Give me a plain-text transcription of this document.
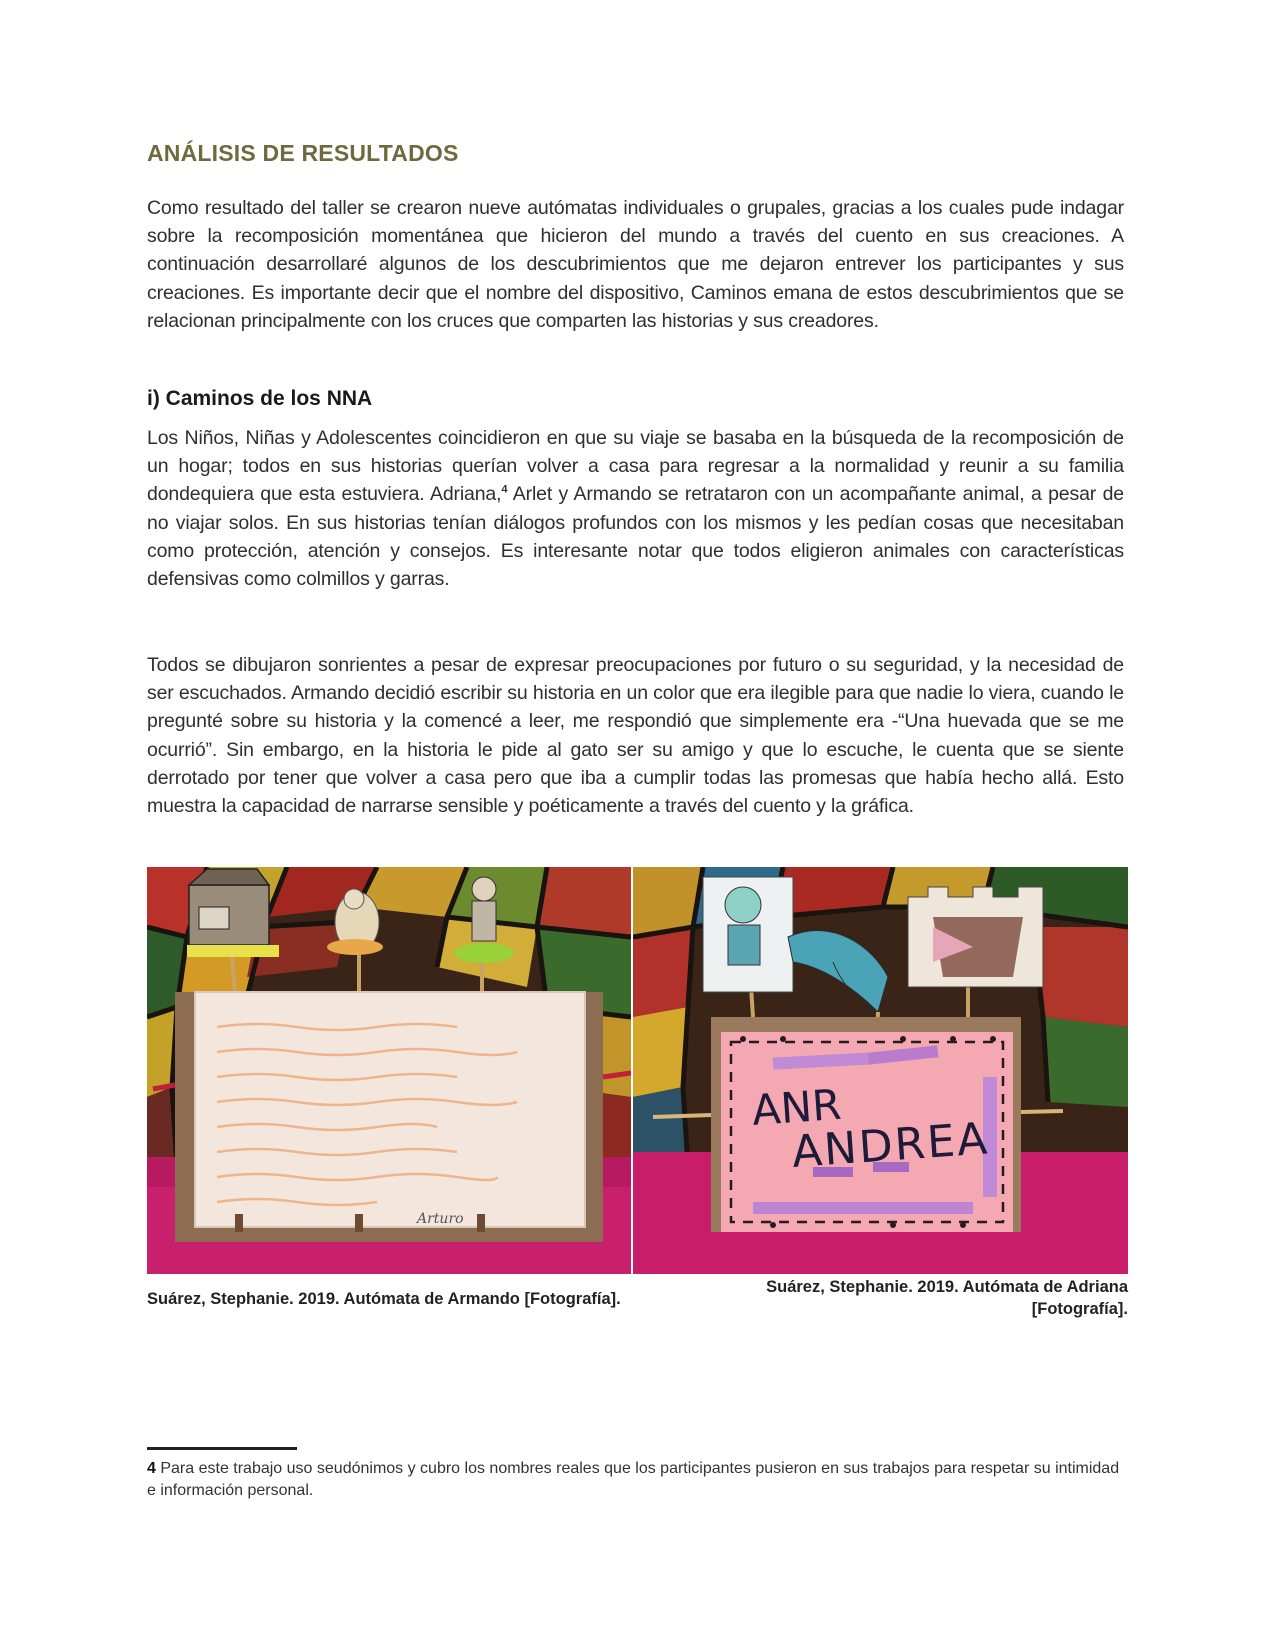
ANÁLISIS DE RESULTADOS

Como resultado del taller se crearon nueve autómatas individuales o grupales, gracias a los cuales pude indagar sobre la recomposición momentánea que hicieron del mundo a través del cuento en sus creaciones. A continuación desarrollaré algunos de los descubrimientos que me dejaron entrever los participantes y sus creaciones. Es importante decir que el nombre del dispositivo, Caminos emana de estos descubrimientos que se relacionan principalmente con los cruces que comparten las historias y sus creadores.

i) Caminos de los NNA

Los Niños, Niñas y Adolescentes coincidieron en que su viaje se basaba en la búsqueda de la recomposición de un hogar; todos en sus historias querían volver a casa para regresar a la normalidad y reunir a su familia dondequiera que esta estuviera. Adriana,$^4$ Arlet y Armando se retrataron con un acompañante animal, a pesar de no viajar solos. En sus historias tenían diálogos profundos con los mismos y les pedían cosas que necesitaban como protección, atención y consejos. Es interesante notar que todos eligieron animales con características defensivas como colmillos y garras.

Todos se dibujaron sonrientes a pesar de expresar preocupaciones por futuro o su seguridad, y la necesidad de ser escuchados. Armando decidió escribir su historia en un color que era ilegible para que nadie lo viera, cuando le pregunté sobre su historia y la comencé a leer, me respondió que simplemente era -“Una huevada que se me ocurrió”. Sin embargo, en la historia le pide al gato ser su amigo y que lo escuche, le cuenta que se siente derrotado por tener que volver a casa pero que iba a cumplir todas las promesas que había hecho allá. Esto muestra la capacidad de narrarse sensible y poéticamente a través del cuento y la gráfica.

Arturo
ANR
ANDREA
Suárez, Stephanie. 2019. Autómata de Armando [Fotografía].
Suárez, Stephanie. 2019. Autómata de Adriana
[Fotografía].
4 Para este trabajo uso seudónimos y cubro los nombres reales que los participantes pusieron en sus trabajos para respetar su intimidad e información personal.
